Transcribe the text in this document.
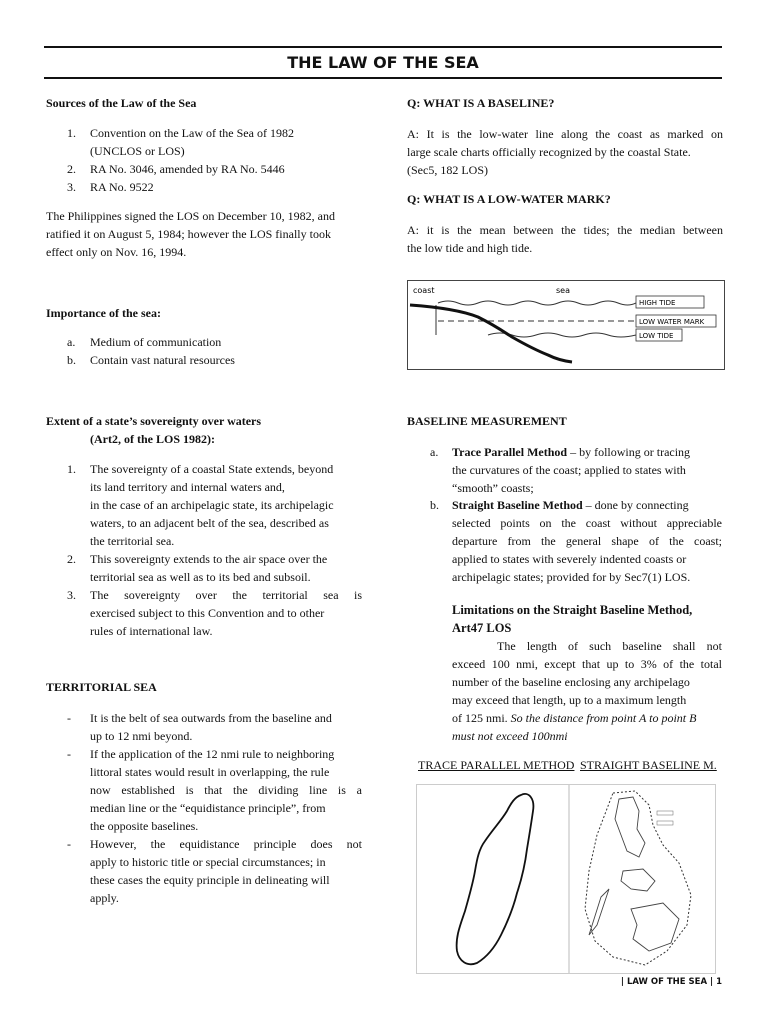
THE LAW OF THE SEA
Sources of the Law of the Sea
1. Convention on the Law of the Sea of 1982
(UNCLOS or LOS)
2. RA No. 3046, amended by RA No. 5446
3. RA No. 9522
The Philippines signed the LOS on December 10, 1982, and
ratified it on August 5, 1984; however the LOS finally took
effect only on Nov. 16, 1994.
Importance of the sea:
a. Medium of communication
b. Contain vast natural resources
Extent of a state’s sovereignty over waters
(Art2, of the LOS 1982):
1. The sovereignty of a coastal State extends, beyond
its land territory and internal waters and,
in the case of an archipelagic state, its archipelagic
waters, to an adjacent belt of the sea, described as
the territorial sea.
2. This sovereignty extends to the air space over the
territorial sea as well as to its bed and subsoil.
3. The sovereignty over the territorial sea is
exercised subject to this Convention and to other
rules of international law.
TERRITORIAL SEA
- It is the belt of sea outwards from the baseline and
up to 12 nmi beyond.
- If the application of the 12 nmi rule to neighboring
littoral states would result in overlapping, the rule
now established is that the dividing line is a
median line or the “equidistance principle”, from
the opposite baselines.
- However, the equidistance principle does not
apply to historic title or special circumstances; in
these cases the equity principle in delineating will
apply.
Q: WHAT IS A BASELINE?
A: It is the low-water line along the coast as marked on
large scale charts officially recognized by the coastal State.
(Sec5, 182 LOS)
Q: WHAT IS A LOW-WATER MARK?
A: it is the mean between the tides; the median between
the low tide and high tide.
coast	sea
HIGH TIDE
LOW WATER MARK
LOW TIDE
BASELINE MEASUREMENT
a. Trace Parallel Method – by following or tracing
the curvatures of the coast; applied to states with
“smooth” coasts;
b. Straight Baseline Method – done by connecting
selected points on the coast without appreciable
departure from the general shape of the coast;
applied to states with severely indented coasts or
archipelagic states; provided for by Sec7(1) LOS.
Limitations on the Straight Baseline Method,
Art47 LOS
The length of such baseline shall not
exceed 100 nmi, except that up to 3% of the total
number of the baseline enclosing any archipelago
may exceed that length, up to a maximum length
of 125 nmi. So the distance from point A to point B
must not exceed 100nmi
TRACE PARALLEL METHOD STRAIGHT BASELINE M.
| LAW OF THE SEA | 1
